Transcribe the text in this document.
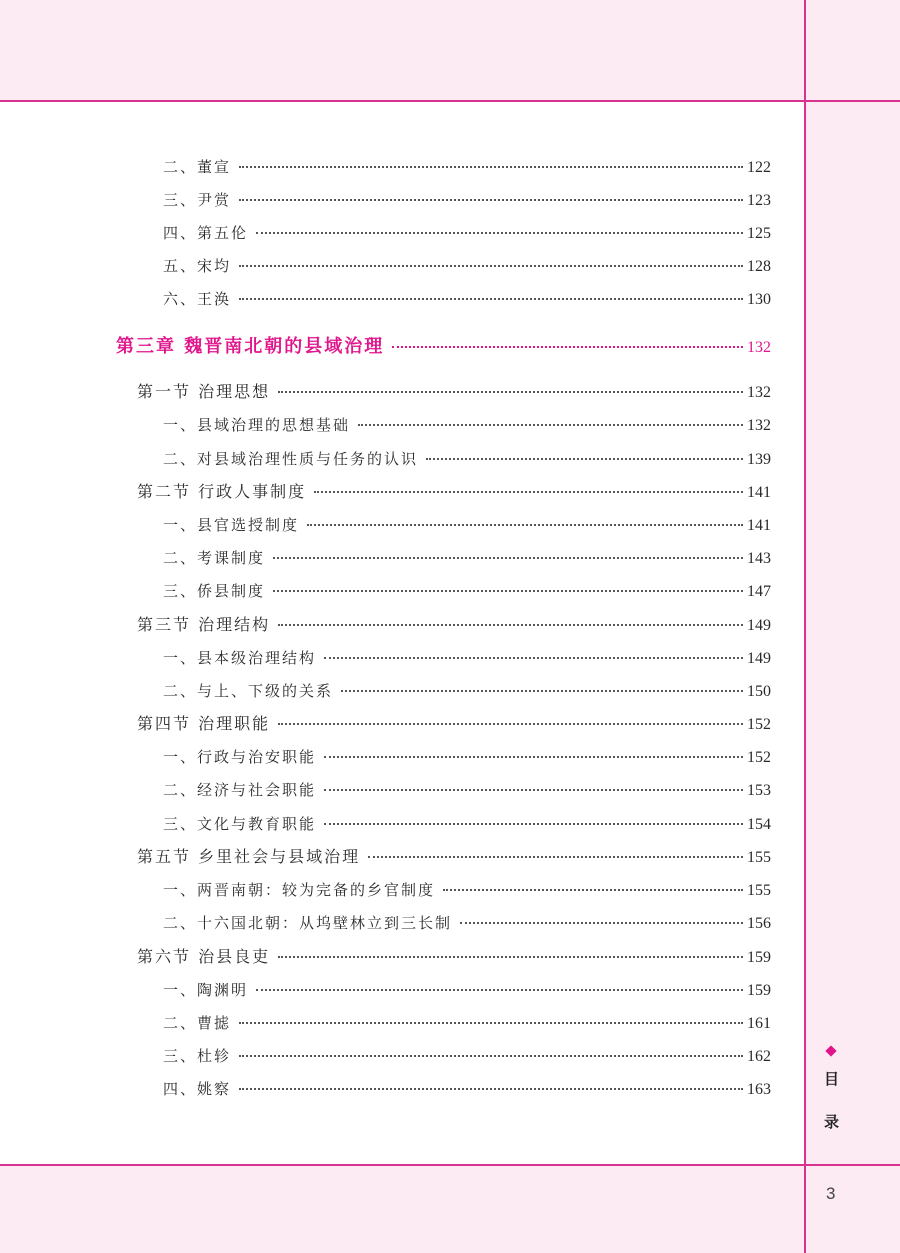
二、董宣	122
三、尹赏	123
四、第五伦	125
五、宋均	128
六、王涣	130
第三章 魏晋南北朝的县域治理	132
第一节 治理思想	132
一、县域治理的思想基础	132
二、对县域治理性质与任务的认识	139
第二节 行政人事制度	141
一、县官选授制度	141
二、考课制度	143
三、侨县制度	147
第三节 治理结构	149
一、县本级治理结构	149
二、与上、下级的关系	150
第四节 治理职能	152
一、行政与治安职能	152
二、经济与社会职能	153
三、文化与教育职能	154
第五节 乡里社会与县域治理	155
一、两晋南朝：较为完备的乡官制度	155
二、十六国北朝：从坞壁林立到三长制	156
第六节 治县良吏	159
一、陶渊明	159
二、曹摅	161
三、杜轸	162
四、姚察	163
目
录
3
